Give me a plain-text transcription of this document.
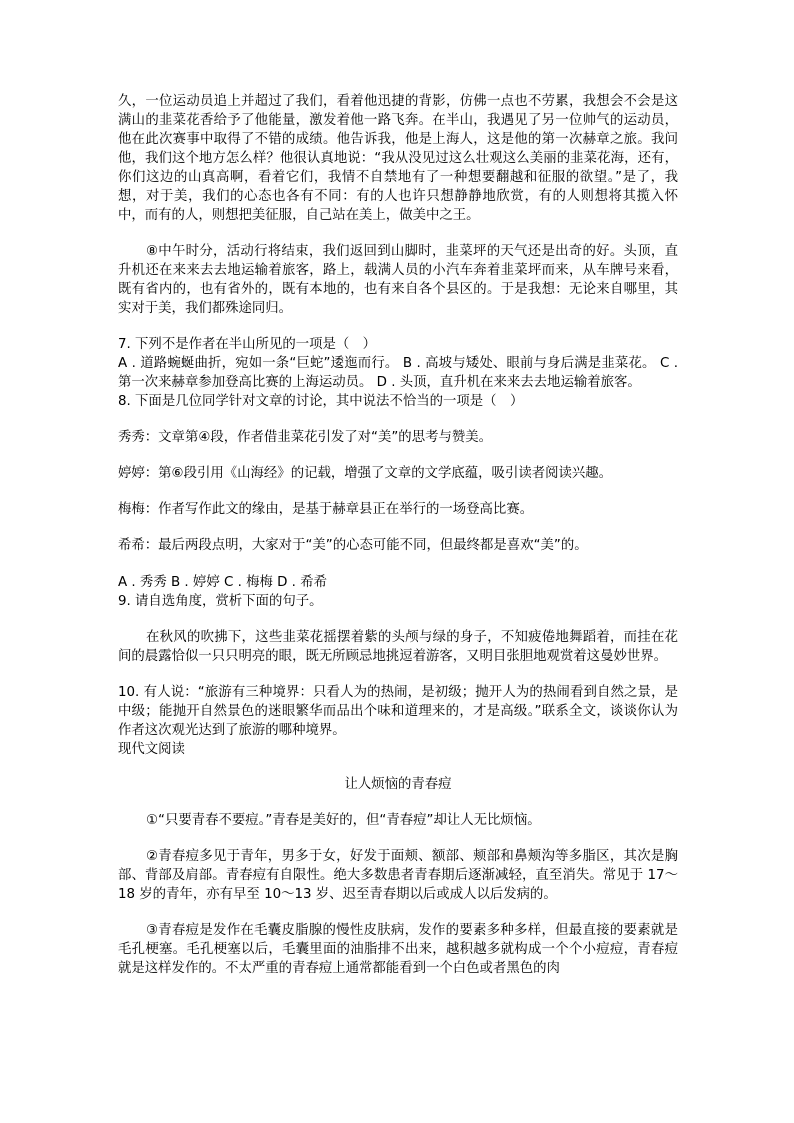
久，一位运动员追上并超过了我们，看着他迅捷的背影，仿佛一点也不劳累，我想会不会是这满山的韭菜花香给予了他能量，激发着他一路飞奔。在半山，我遇见了另一位帅气的运动员，他在此次赛事中取得了不错的成绩。他告诉我，他是上海人，这是他的第一次赫章之旅。我问他，我们这个地方怎么样？他很认真地说：“我从没见过这么壮观这么美丽的韭菜花海，还有，你们这边的山真高啊，看着它们，我情不自禁地有了一种想要翻越和征服的欲望。”是了，我想，对于美，我们的心态也各有不同：有的人也许只想静静地欣赏，有的人则想将其揽入怀中，而有的人，则想把美征服，自己站在美上，做美中之王。

⑧中午时分，活动行将结束，我们返回到山脚时，韭菜坪的天气还是出奇的好。头顶，直升机还在来来去去地运输着旅客，路上，载满人员的小汽车奔着韭菜坪而来，从车牌号来看，既有省内的，也有省外的，既有本地的，也有来自各个县区的。于是我想：无论来自哪里，其实对于美，我们都殊途同归。

7. 下列不是作者在半山所见的一项是（　）

A . 道路蜿蜒曲折，宛如一条“巨蛇”逶迤而行。 B . 高坡与矮处、眼前与身后满是韭菜花。 C . 第一次来赫章参加登高比赛的上海运动员。 D . 头顶，直升机在来来去去地运输着旅客。

8. 下面是几位同学针对文章的讨论，其中说法不恰当的一项是（　）

秀秀：文章第④段，作者借韭菜花引发了对“美”的思考与赞美。

婷婷：第⑥段引用《山海经》的记载，增强了文章的文学底蕴，吸引读者阅读兴趣。

梅梅：作者写作此文的缘由，是基于赫章县正在举行的一场登高比赛。

希希：最后两段点明，大家对于“美”的心态可能不同，但最终都是喜欢“美”的。

A . 秀秀 B . 婷婷 C . 梅梅 D . 希希

9. 请自选角度，赏析下面的句子。

在秋风的吹拂下，这些韭菜花摇摆着紫的头颅与绿的身子，不知疲倦地舞蹈着，而挂在花间的晨露恰似一只只明亮的眼，既无所顾忌地挑逗着游客，又明目张胆地观赏着这曼妙世界。

10. 有人说：“旅游有三种境界：只看人为的热闹，是初级；抛开人为的热闹看到自然之景，是中级；能抛开自然景色的迷眼繁华而品出个味和道理来的，才是高级。”联系全文，谈谈你认为作者这次观光达到了旅游的哪种境界。

现代文阅读

让人烦恼的青春痘

①“只要青春不要痘。”青春是美好的，但“青春痘”却让人无比烦恼。

②青春痘多见于青年，男多于女，好发于面颊、额部、颊部和鼻颊沟等多脂区，其次是胸部、背部及肩部。青春痘有自限性。绝大多数患者青春期后逐渐减轻，直至消失。常见于 17～18 岁的青年，亦有早至 10～13 岁、迟至青春期以后或成人以后发病的。

③青春痘是发作在毛囊皮脂腺的慢性皮肤病，发作的要素多种多样，但最直接的要素就是毛孔梗塞。毛孔梗塞以后，毛囊里面的油脂排不出来，越积越多就构成一个个小痘痘，青春痘就是这样发作的。不太严重的青春痘上通常都能看到一个白色或者黑色的肉
